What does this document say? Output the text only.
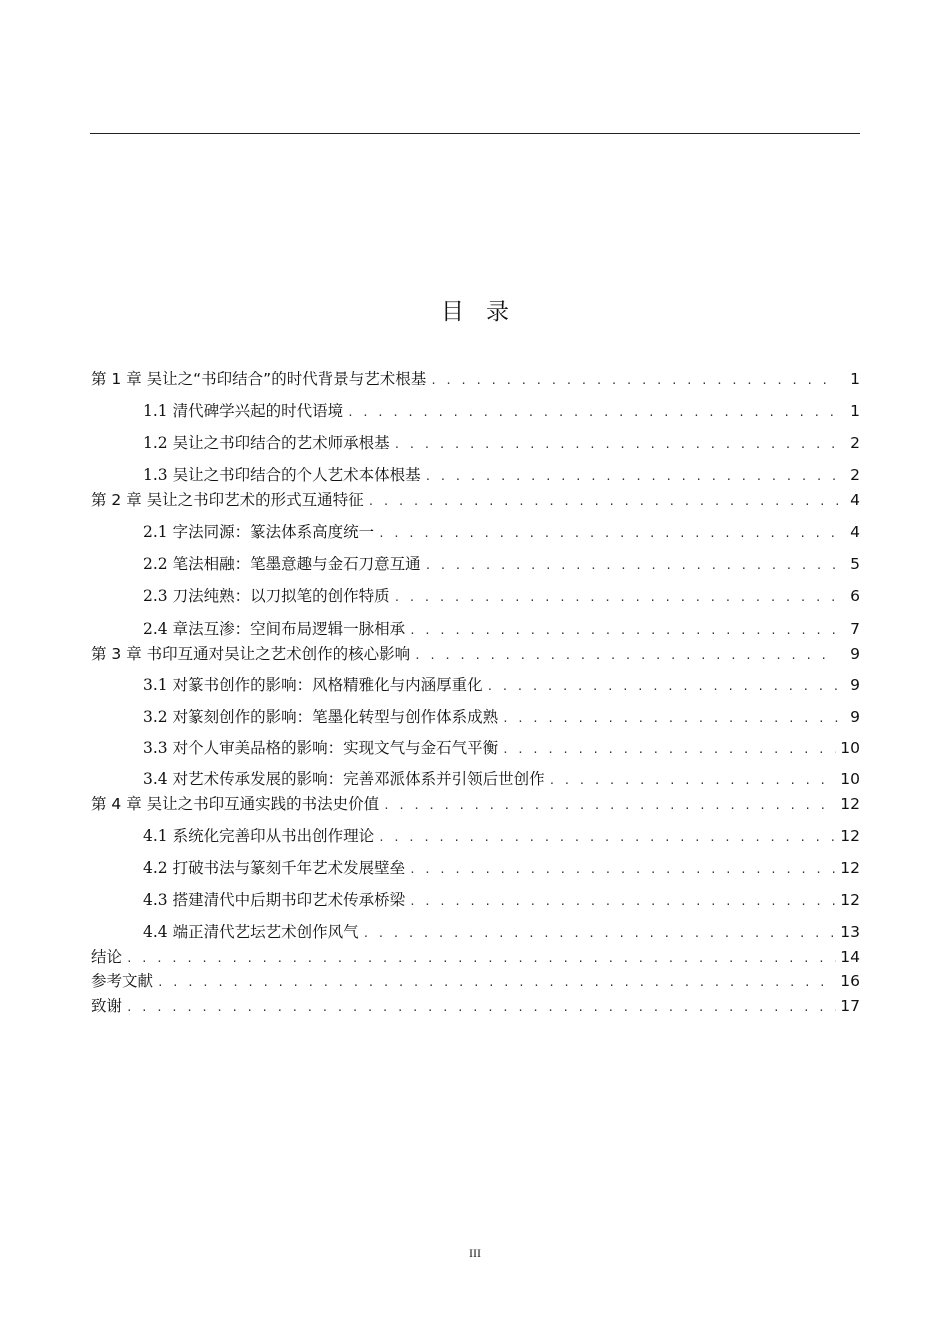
目录
第 1 章 吴让之“书印结合”的时代背景与艺术根基 . . .	1
1.1 清代碑学兴起的时代语境 . . .	1
1.2 吴让之书印结合的艺术师承根基 . . .	2
1.3 吴让之书印结合的个人艺术本体根基 . . .	2
第 2 章 吴让之书印艺术的形式互通特征 . . .	4
2.1 字法同源：篆法体系高度统一 . . .	4
2.2 笔法相融：笔墨意趣与金石刀意互通 . . .	5
2.3 刀法纯熟：以刀拟笔的创作特质 . . .	6
2.4 章法互渗：空间布局逻辑一脉相承 . . .	7
第 3 章 书印互通对吴让之艺术创作的核心影响 . . .	9
3.1 对篆书创作的影响：风格精雅化与内涵厚重化 . . .	9
3.2 对篆刻创作的影响：笔墨化转型与创作体系成熟 . . .	9
3.3 对个人审美品格的影响：实现文气与金石气平衡 . . .	10
3.4 对艺术传承发展的影响：完善邓派体系并引领后世创作 . . .	10
第 4 章 吴让之书印互通实践的书法史价值 . . .	12
4.1 系统化完善印从书出创作理论 . . .	12
4.2 打破书法与篆刻千年艺术发展壁垒 . . .	12
4.3 搭建清代中后期书印艺术传承桥梁 . . .	12
4.4 端正清代艺坛艺术创作风气 . . .	13
结论 . . .	14
参考文献 . . .	16
致谢 . . .	17
III
